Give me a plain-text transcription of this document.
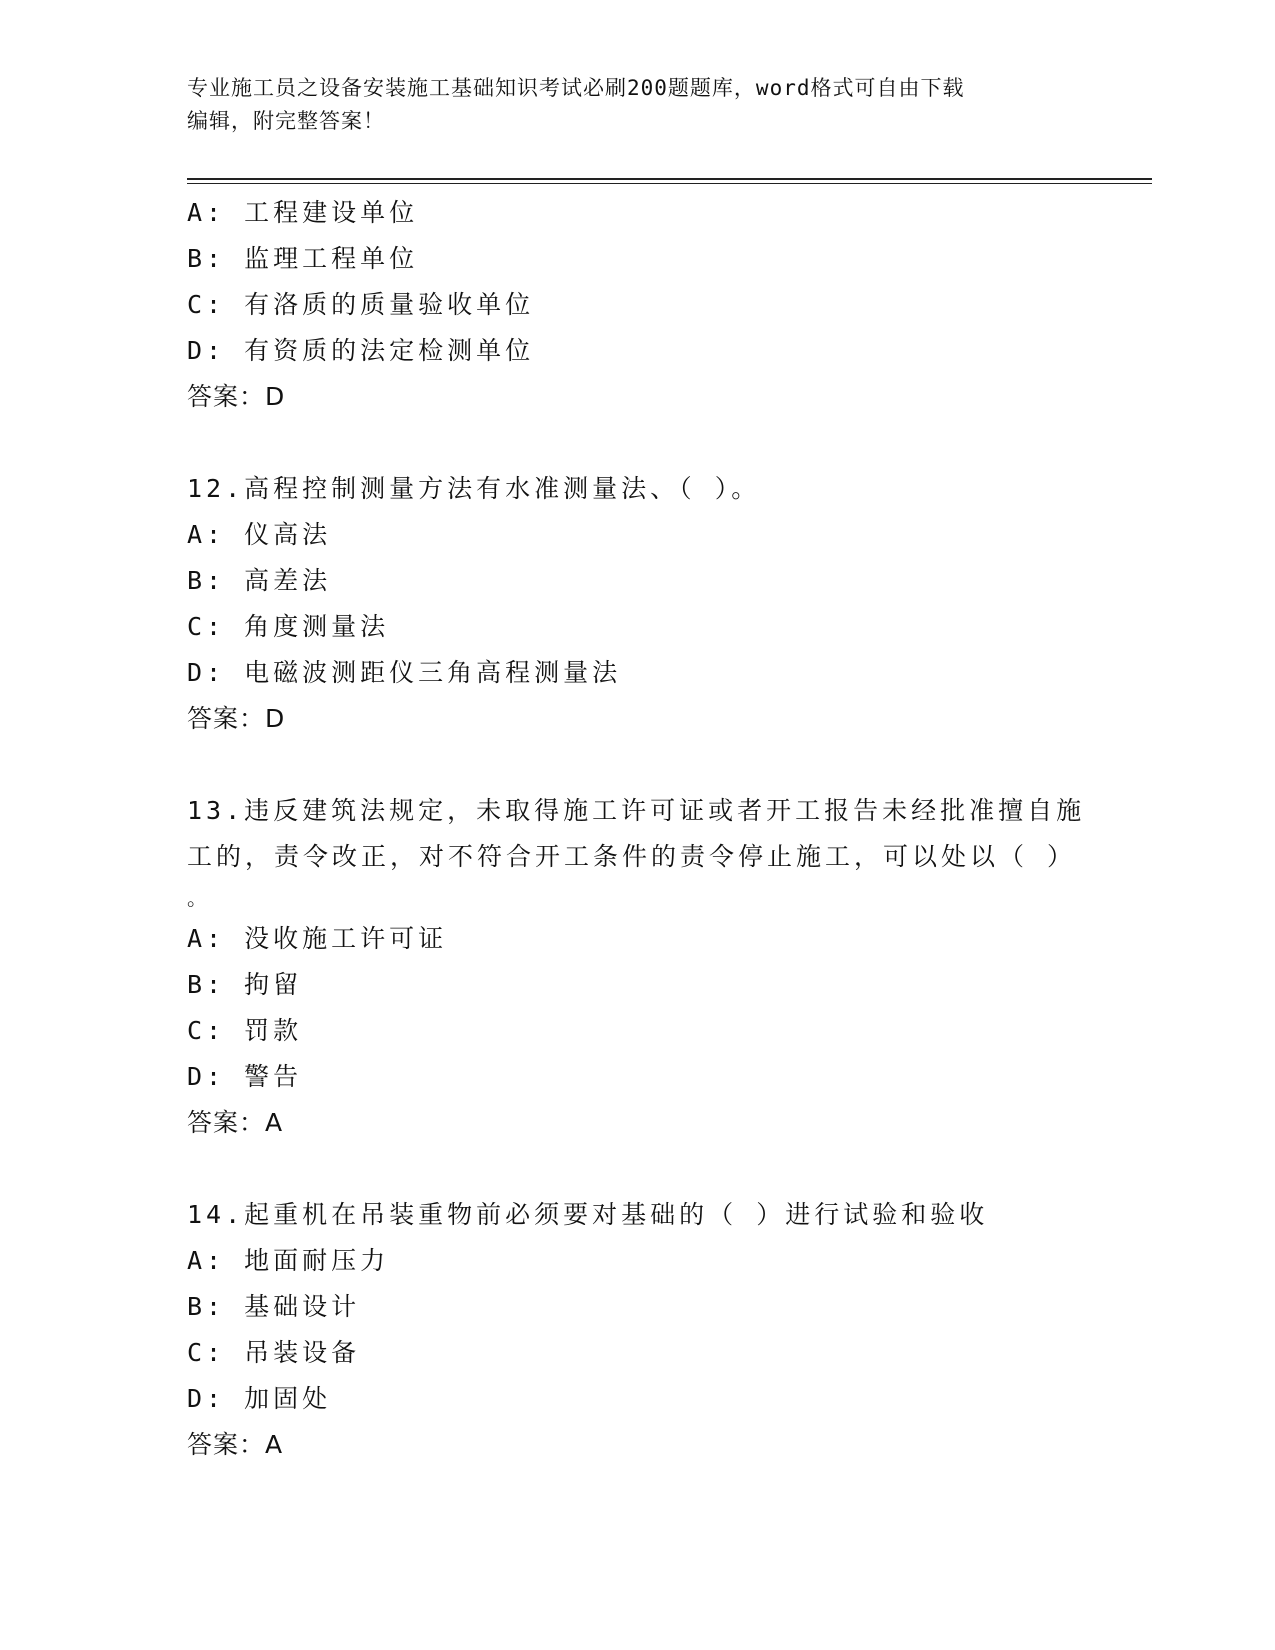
专业施工员之设备安装施工基础知识考试必刷200题题库，word格式可自由下载
编辑，附完整答案！
A: 工程建设单位
B: 监理工程单位
C: 有洛质的质量验收单位
D: 有资质的法定检测单位
答案：D
12.高程控制测量方法有水准测量法、（ ）。
A: 仪高法
B: 高差法
C: 角度测量法
D: 电磁波测距仪三角高程测量法
答案：D
13.违反建筑法规定，未取得施工许可证或者开工报告未经批准擅自施
工的，责令改正，对不符合开工条件的责令停止施工，可以处以（ ）
。
A: 没收施工许可证
B: 拘留
C: 罚款
D: 警告
答案：A
14.起重机在吊装重物前必须要对基础的（ ）进行试验和验收
A: 地面耐压力
B: 基础设计
C: 吊装设备
D: 加固处
答案：A
